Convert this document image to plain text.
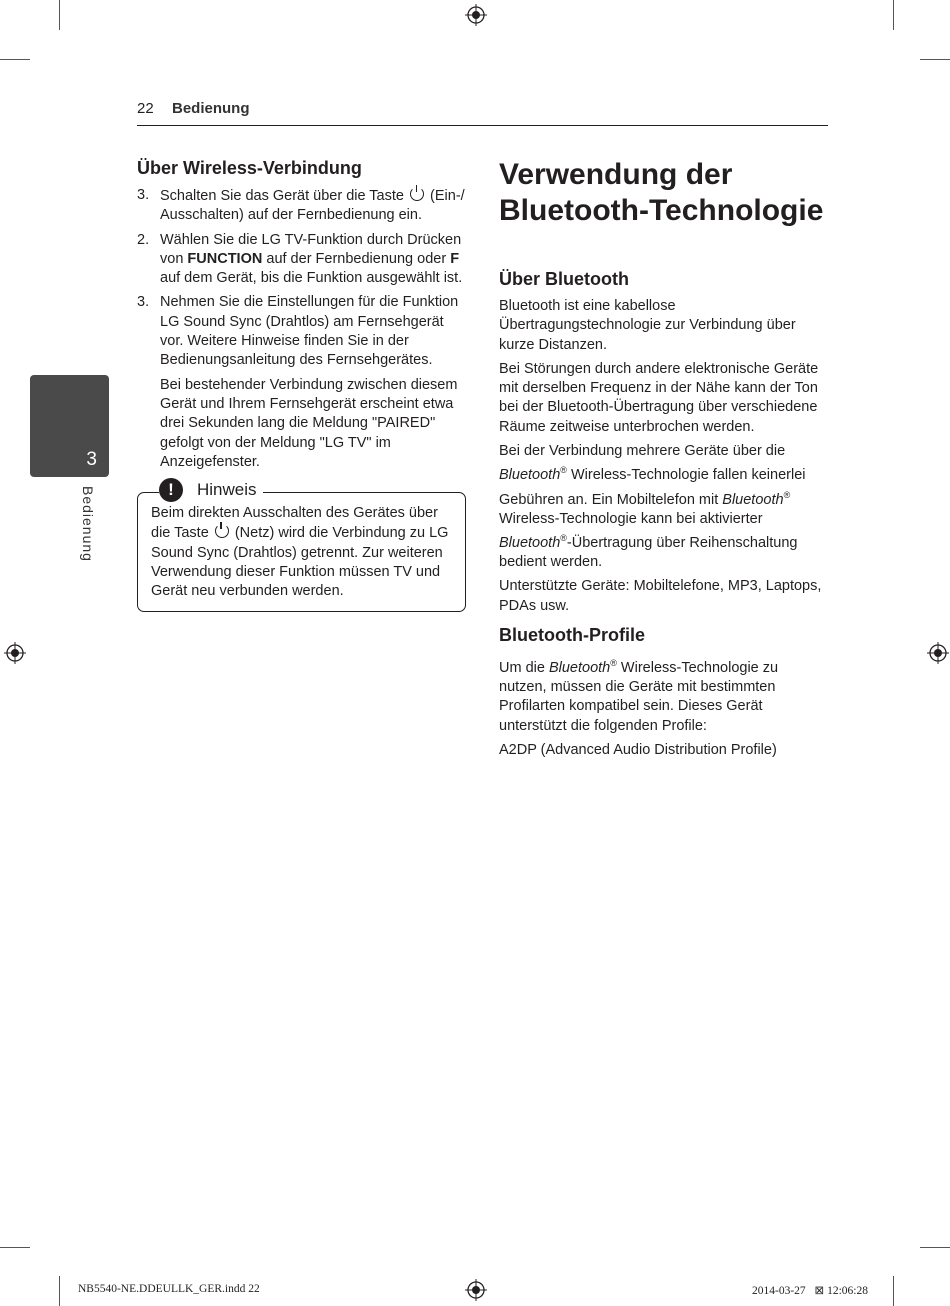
22 Bedienung
3
Bedienung
Über Wireless-Verbindung
3. Schalten Sie das Gerät über die Taste (Ein-/ Ausschalten) auf der Fernbedienung ein.
2. Wählen Sie die LG TV-Funktion durch Drücken von FUNCTION auf der Fernbedienung oder F auf dem Gerät, bis die Funktion ausgewählt ist.
3. Nehmen Sie die Einstellungen für die Funktion LG Sound Sync (Drahtlos) am Fernsehgerät vor. Weitere Hinweise finden Sie in der Bedienungsanleitung des Fernsehgerätes.
Bei bestehender Verbindung zwischen diesem Gerät und Ihrem Fernsehgerät erscheint etwa drei Sekunden lang die Meldung "PAIRED" gefolgt von der Meldung "LG TV" im Anzeigefenster.
!	Hinweis
Beim direkten Ausschalten des Gerätes über die Taste (Netz) wird die Verbindung zu LG Sound Sync (Drahtlos) getrennt. Zur weiteren Verwendung dieser Funktion müssen TV und Gerät neu verbunden werden.
Verwendung der
Bluetooth-Technologie
Über Bluetooth

Bluetooth ist eine kabellose Übertragungstechnologie zur Verbindung über kurze Distanzen.

Bei Störungen durch andere elektronische Geräte mit derselben Frequenz in der Nähe kann der Ton bei der Bluetooth-Übertragung über verschiedene Räume zeitweise unterbrochen werden.

Bei der Verbindung mehrere Geräte über die Bluetooth® Wireless-Technologie fallen keinerlei Gebühren an. Ein Mobiltelefon mit Bluetooth® Wireless-Technologie kann bei aktivierter Bluetooth®-Übertragung über Reihenschaltung bedient werden.

Unterstützte Geräte: Mobiltelefone, MP3, Laptops, PDAs usw.

Bluetooth-Profile

Um die Bluetooth® Wireless-Technologie zu nutzen, müssen die Geräte mit bestimmten Profilarten kompatibel sein. Dieses Gerät unterstützt die folgenden Profile:

A2DP (Advanced Audio Distribution Profile)

NB5540-NE.DDEULLK_GER.indd 22	2014-03-27 ⊠ 12:06:28
